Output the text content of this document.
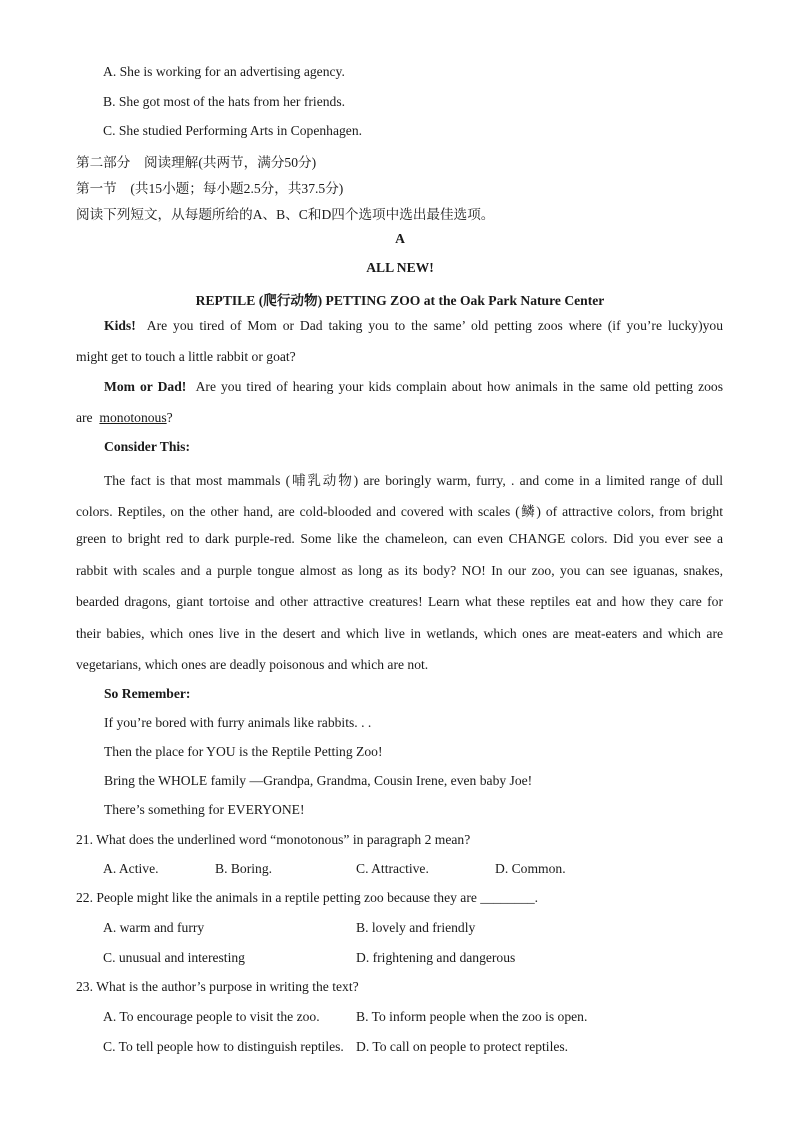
A. She is working for an advertising agency.
B. She got most of the hats from her friends.
C. She studied Performing Arts in Copenhagen.
第二部分　阅读理解(共两节，满分50分)
第一节　(共15小题；每小题2.5分，共37.5分)
阅读下列短文，从每题所给的A、B、C和D四个选项中选出最佳选项。
A
ALL NEW!
REPTILE (爬行动物) PETTING ZOO at the Oak Park Nature Center
Kids! Are you tired of Mom or Dad taking you to the same’ old petting zoos where (if you’re lucky)you
might get to touch a little rabbit or goat?
Mom or Dad! Are you tired of hearing your kids complain about how animals in the same old petting zoos
are monotonous?
Consider This:
The fact is that most mammals (哺乳动物) are boringly warm, furry, . and come in a limited range of dull
colors. Reptiles, on the other hand, are cold-blooded and covered with scales (鳞) of attractive colors, from bright
green to bright red to dark purple-red. Some like the chameleon, can even CHANGE colors. Did you ever see a
rabbit with scales and a purple tongue almost as long as its body? NO! In our zoo, you can see iguanas, snakes,
bearded dragons, giant tortoise and other attractive creatures! Learn what these reptiles eat and how they care for
their babies, which ones live in the desert and which live in wetlands, which ones are meat-eaters and which are
vegetarians, which ones are deadly poisonous and which are not.
So Remember:
If you’re bored with furry animals like rabbits. . .
Then the place for YOU is the Reptile Petting Zoo!
Bring the WHOLE family —Grandpa, Grandma, Cousin Irene, even baby Joe!
There’s something for EVERYONE!
21. What does the underlined word “monotonous” in paragraph 2 mean?
A. Active.	B. Boring.	C. Attractive.	D. Common.
22. People might like the animals in a reptile petting zoo because they are ________.
A. warm and furry	B. lovely and friendly
C. unusual and interesting	D. frightening and dangerous
23. What is the author’s purpose in writing the text?
A. To encourage people to visit the zoo.	B. To inform people when the zoo is open.
C. To tell people how to distinguish reptiles. D. To call on people to protect reptiles.
